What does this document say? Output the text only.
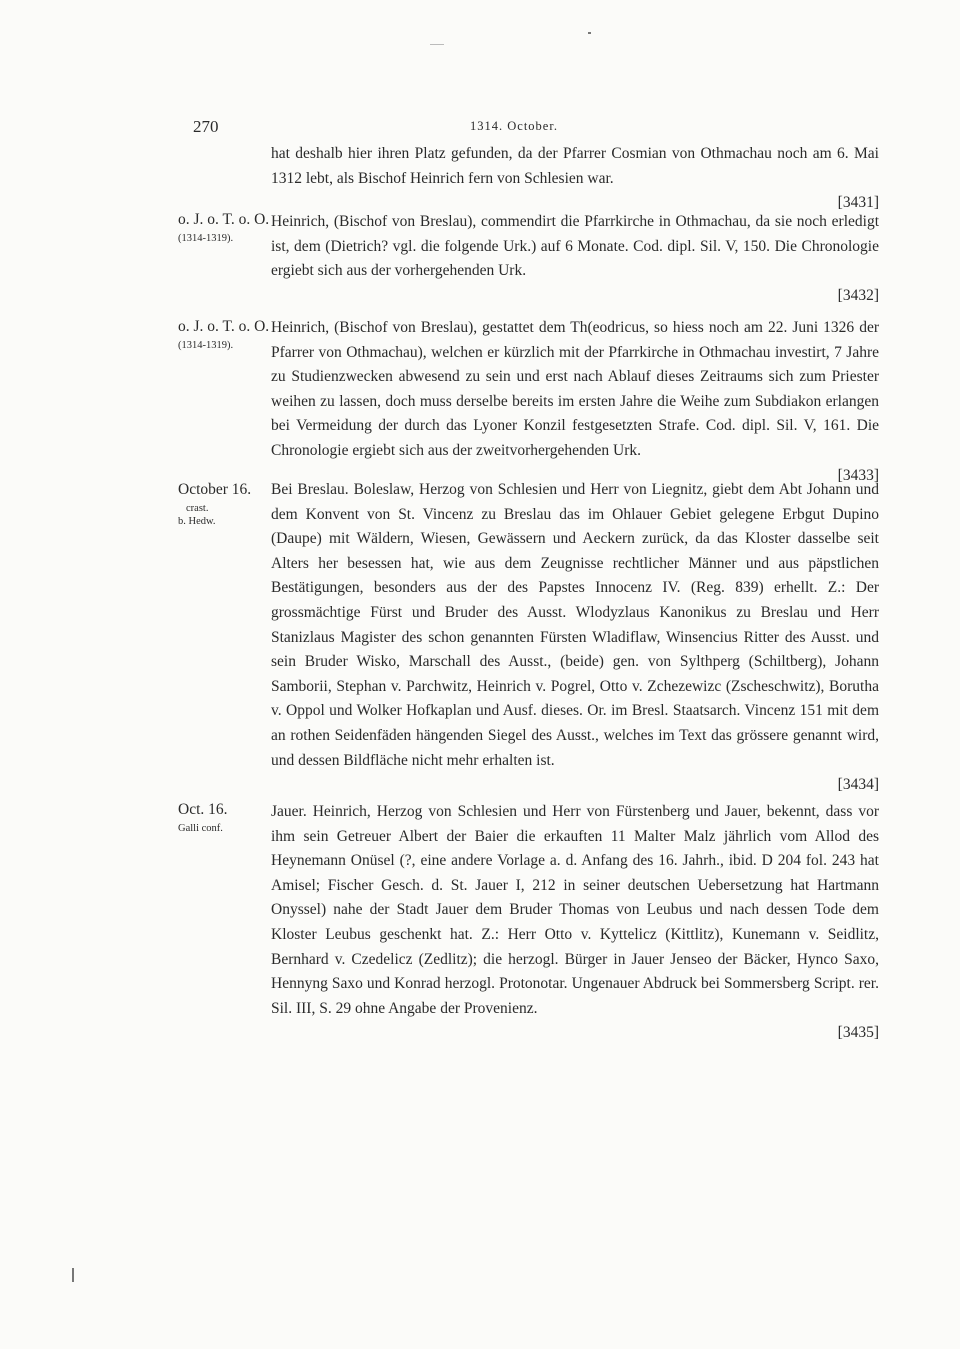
270	1314. October.

hat deshalb hier ihren Platz gefunden, da der Pfarrer Cosmian von Othmachau noch am 6. Mai 1312 lebt, als Bischof Heinrich fern von Schlesien war.

[3431]
o. J. o. T. o. O.
(1314-1319).

Heinrich, (Bischof von Breslau), commendirt die Pfarrkirche in Othmachau, da sie noch erledigt ist, dem (Dietrich? vgl. die folgende Urk.) auf 6 Monate. Cod. dipl. Sil. V, 150. Die Chronologie ergiebt sich aus der vorhergehenden Urk.

[3432]
o. J. o. T. o. O.
(1314-1319).

Heinrich, (Bischof von Breslau), gestattet dem Th(eodricus, so hiess noch am 22. Juni 1326 der Pfarrer von Othmachau), welchen er kürzlich mit der Pfarrkirche in Othmachau investirt, 7 Jahre zu Studienzwecken abwesend zu sein und erst nach Ablauf dieses Zeitraums sich zum Priester weihen zu lassen, doch muss derselbe bereits im ersten Jahre die Weihe zum Subdiakon erlangen bei Vermeidung der durch das Lyoner Konzil festgesetzten Strafe. Cod. dipl. Sil. V, 161. Die Chronologie ergiebt sich aus der zweitvorhergehenden Urk.

[3433]
October 16.
crast.
b. Hedw.

Bei Breslau. Boleslaw, Herzog von Schlesien und Herr von Liegnitz, giebt dem Abt Johann und dem Konvent von St. Vincenz zu Breslau das im Ohlauer Gebiet gelegene Erbgut Dupino (Daupe) mit Wäldern, Wiesen, Gewässern und Aeckern zurück, da das Kloster dasselbe seit Alters her besessen hat, wie aus dem Zeugnisse rechtlicher Männer und aus päpstlichen Bestätigungen, besonders aus der des Papstes Innocenz IV. (Reg. 839) erhellt. Z.: Der grossmächtige Fürst und Bruder des Ausst. Wlodyzlaus Kanonikus zu Breslau und Herr Stanizlaus Magister des schon genannten Fürsten Wladiflaw, Winsencius Ritter des Ausst. und sein Bruder Wisko, Marschall des Ausst., (beide) gen. von Sylthperg (Schiltberg), Johann Samborii, Stephan v. Parchwitz, Heinrich v. Pogrel, Otto v. Zchezewizc (Zscheschwitz), Borutha v. Oppol und Wolker Hofkaplan und Ausf. dieses. Or. im Bresl. Staatsarch. Vincenz 151 mit dem an rothen Seidenfäden hängenden Siegel des Ausst., welches im Text das grössere genannt wird, und dessen Bildfläche nicht mehr erhalten ist.

[3434]
Oct. 16.
Galli conf.

Jauer. Heinrich, Herzog von Schlesien und Herr von Fürstenberg und Jauer, bekennt, dass vor ihm sein Getreuer Albert der Baier die erkauften 11 Malter Malz jährlich vom Allod des Heynemann Onüsel (?, eine andere Vorlage a. d. Anfang des 16. Jahrh., ibid. D 204 fol. 243 hat Amisel; Fischer Gesch. d. St. Jauer I, 212 in seiner deutschen Uebersetzung hat Hartmann Onyssel) nahe der Stadt Jauer dem Bruder Thomas von Leubus und nach dessen Tode dem Kloster Leubus geschenkt hat. Z.: Herr Otto v. Kyttelicz (Kittlitz), Kunemann v. Seidlitz, Bernhard v. Czedelicz (Zedlitz); die herzogl. Bürger in Jauer Jenseo der Bäcker, Hynco Saxo, Hennyng Saxo und Konrad herzogl. Protonotar. Ungenauer Abdruck bei Sommersberg Script. rer. Sil. III, S. 29 ohne Angabe der Provenienz.

[3435]
